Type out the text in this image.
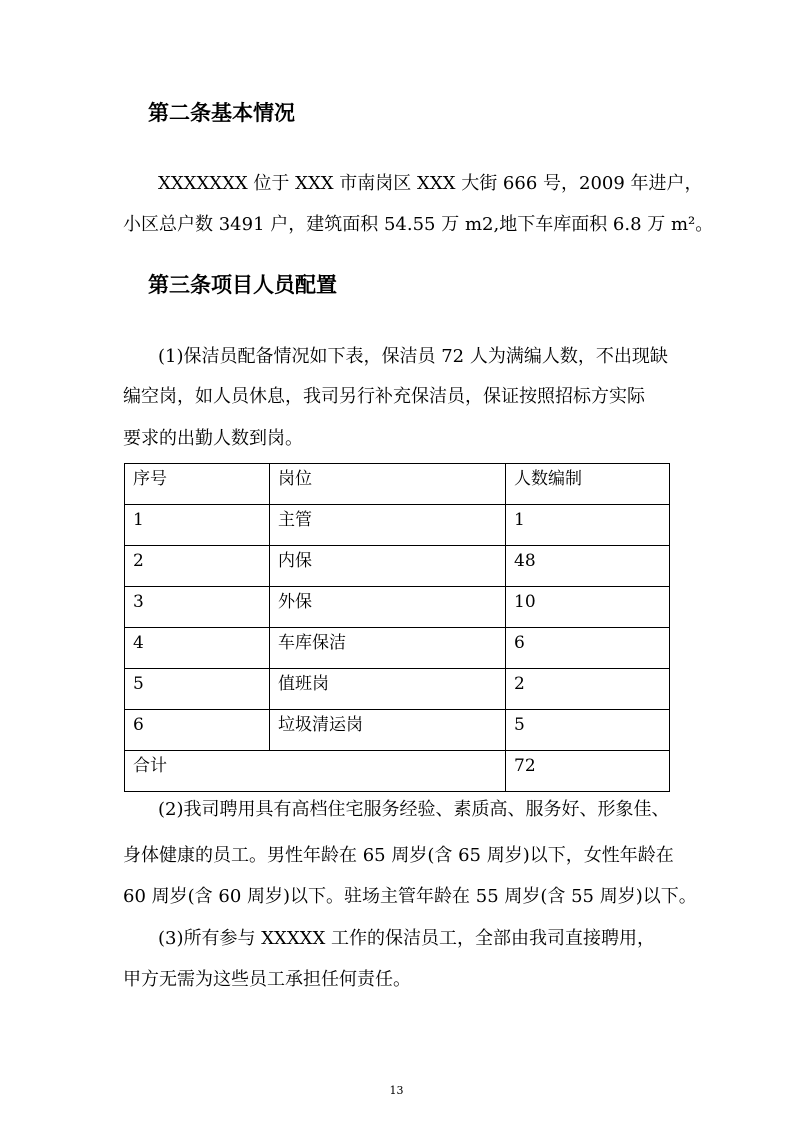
第二条基本情况

XXXXXXX 位于 XXX 市南岗区 XXX 大街 666 号，2009 年进户，

小区总户数 3491 户，建筑面积 54.55 万 m2,地下车库面积 6.8 万 m²。

第三条项目人员配置

(1)保洁员配备情况如下表，保洁员 72 人为满编人数，不出现缺

编空岗，如人员休息，我司另行补充保洁员，保证按照招标方实际

要求的出勤人数到岗。

序号	岗位	人数编制
1	主管	1
2	内保	48
3	外保	10
4	车库保洁	6
5	值班岗	2
6	垃圾清运岗	5
合计		72

(2)我司聘用具有高档住宅服务经验、素质高、服务好、形象佳、

身体健康的员工。男性年龄在 65 周岁(含 65 周岁)以下，女性年龄在

60 周岁(含 60 周岁)以下。驻场主管年龄在 55 周岁(含 55 周岁)以下。

(3)所有参与 XXXXX 工作的保洁员工，全部由我司直接聘用，

甲方无需为这些员工承担任何责任。

13
